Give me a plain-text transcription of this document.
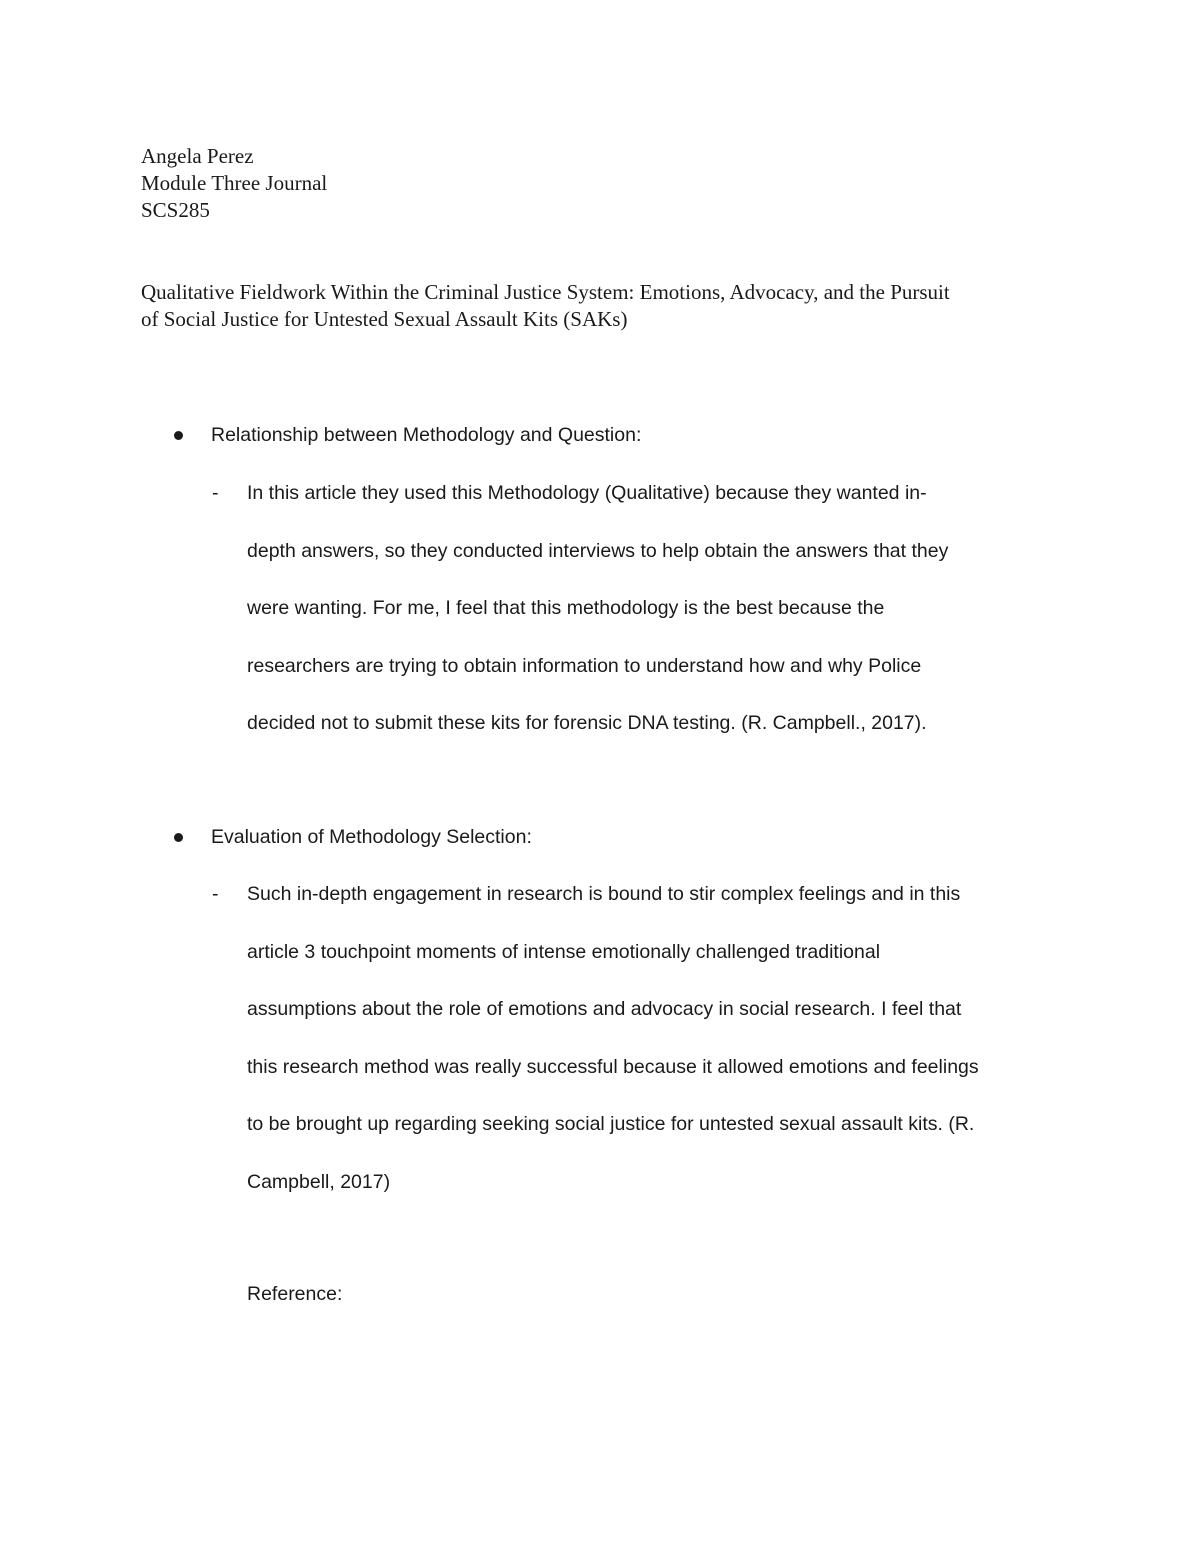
Angela Perez
Module Three Journal
SCS285
Qualitative Fieldwork Within the Criminal Justice System: Emotions, Advocacy, and the Pursuit
of Social Justice for Untested Sexual Assault Kits (SAKs)
Relationship between Methodology and Question:
- In this article they used this Methodology (Qualitative) because they wanted in-
depth answers, so they conducted interviews to help obtain the answers that they
were wanting. For me, I feel that this methodology is the best because the
researchers are trying to obtain information to understand how and why Police
decided not to submit these kits for forensic DNA testing. (R. Campbell., 2017).
Evaluation of Methodology Selection:
- Such in-depth engagement in research is bound to stir complex feelings and in this
article 3 touchpoint moments of intense emotionally challenged traditional
assumptions about the role of emotions and advocacy in social research. I feel that
this research method was really successful because it allowed emotions and feelings
to be brought up regarding seeking social justice for untested sexual assault kits. (R.
Campbell, 2017)
Reference:
